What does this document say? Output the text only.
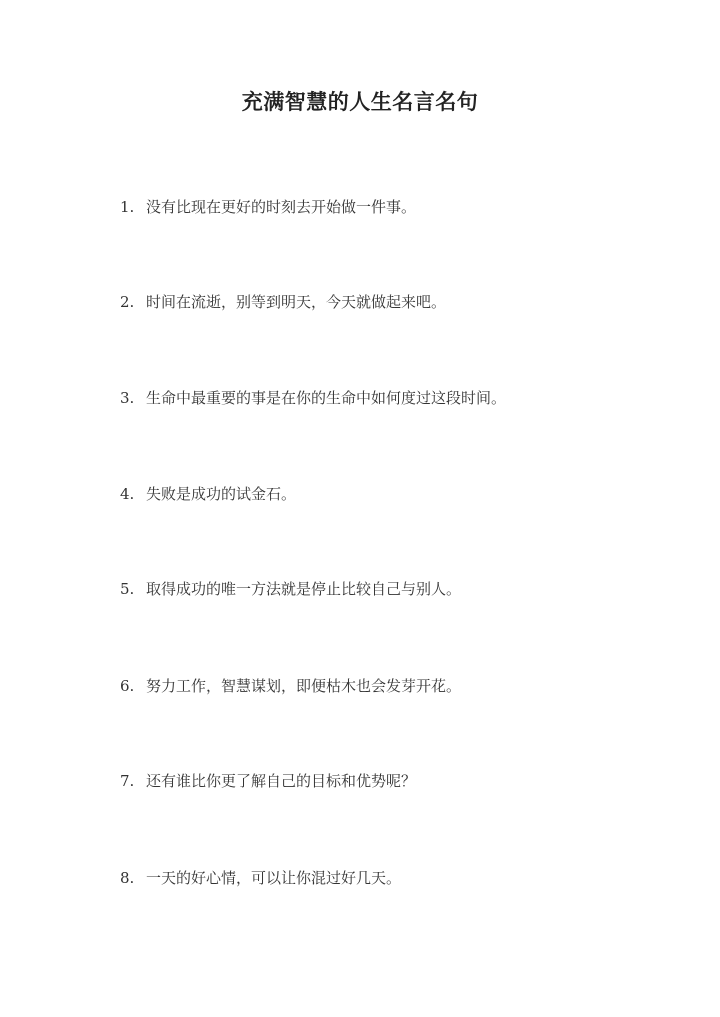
充满智慧的人生名言名句
1. 没有比现在更好的时刻去开始做一件事。
2. 时间在流逝，别等到明天，今天就做起来吧。
3. 生命中最重要的事是在你的生命中如何度过这段时间。
4. 失败是成功的试金石。
5. 取得成功的唯一方法就是停止比较自己与别人。
6. 努力工作，智慧谋划，即便枯木也会发芽开花。
7. 还有谁比你更了解自己的目标和优势呢？
8. 一天的好心情，可以让你混过好几天。
